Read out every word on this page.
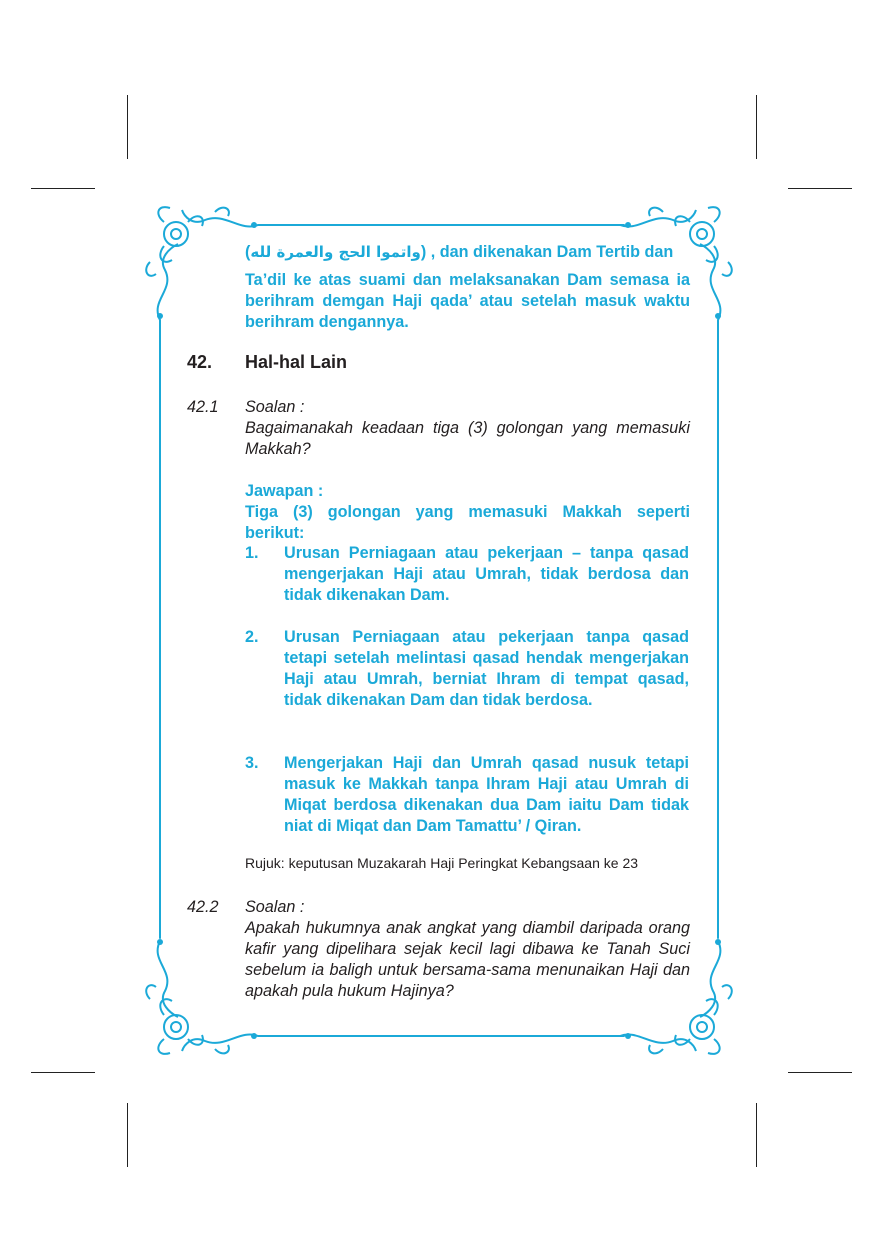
(واتموا الحج والعمرة لله) , dan dikenakan Dam Tertib dan
Ta’dil ke atas suami dan melaksanakan Dam semasa ia berihram demgan Haji qada’ atau setelah masuk waktu berihram dengannya.
42. Hal-hal Lain
42.1 Soalan :
Bagaimanakah keadaan tiga (3) golongan yang memasuki Makkah?
Jawapan :
Tiga (3) golongan yang memasuki Makkah seperti berikut:
1. Urusan Perniagaan atau pekerjaan – tanpa qasad mengerjakan Haji atau Umrah, tidak berdosa dan tidak dikenakan Dam.
2. Urusan Perniagaan atau pekerjaan tanpa qasad tetapi setelah melintasi qasad hendak mengerjakan Haji atau Umrah, berniat Ihram di tempat qasad, tidak dikenakan Dam dan tidak berdosa.
3. Mengerjakan Haji dan Umrah qasad nusuk tetapi masuk ke Makkah tanpa Ihram Haji atau Umrah di Miqat berdosa dikenakan dua Dam iaitu Dam tidak niat di Miqat dan Dam Tamattu’ / Qiran.
Rujuk: keputusan Muzakarah Haji Peringkat Kebangsaan ke 23
42.2 Soalan :
Apakah hukumnya anak angkat yang diambil daripada orang kafir yang dipelihara sejak kecil lagi dibawa ke Tanah Suci sebelum ia baligh untuk bersama-sama menunaikan Haji dan apakah pula hukum Hajinya?
